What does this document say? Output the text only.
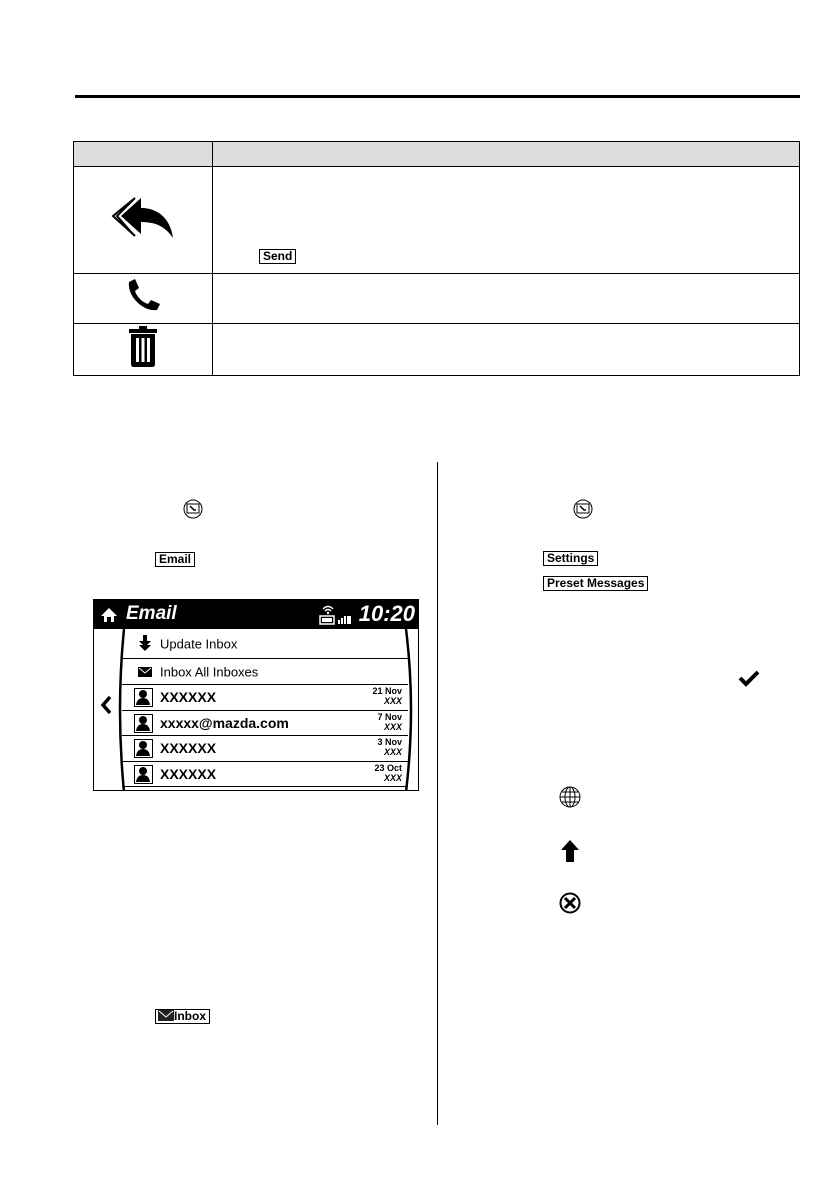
Send

Email
Email	10:20
Update Inbox
Inbox All Inboxes
XXXXXX	21 Nov
XXX
xxxxx@mazda.com	7 Nov
XXX
XXXXXX	3 Nov
XXX
XXXXXX	23 Oct
XXX
Inbox
Settings
Preset Messages
